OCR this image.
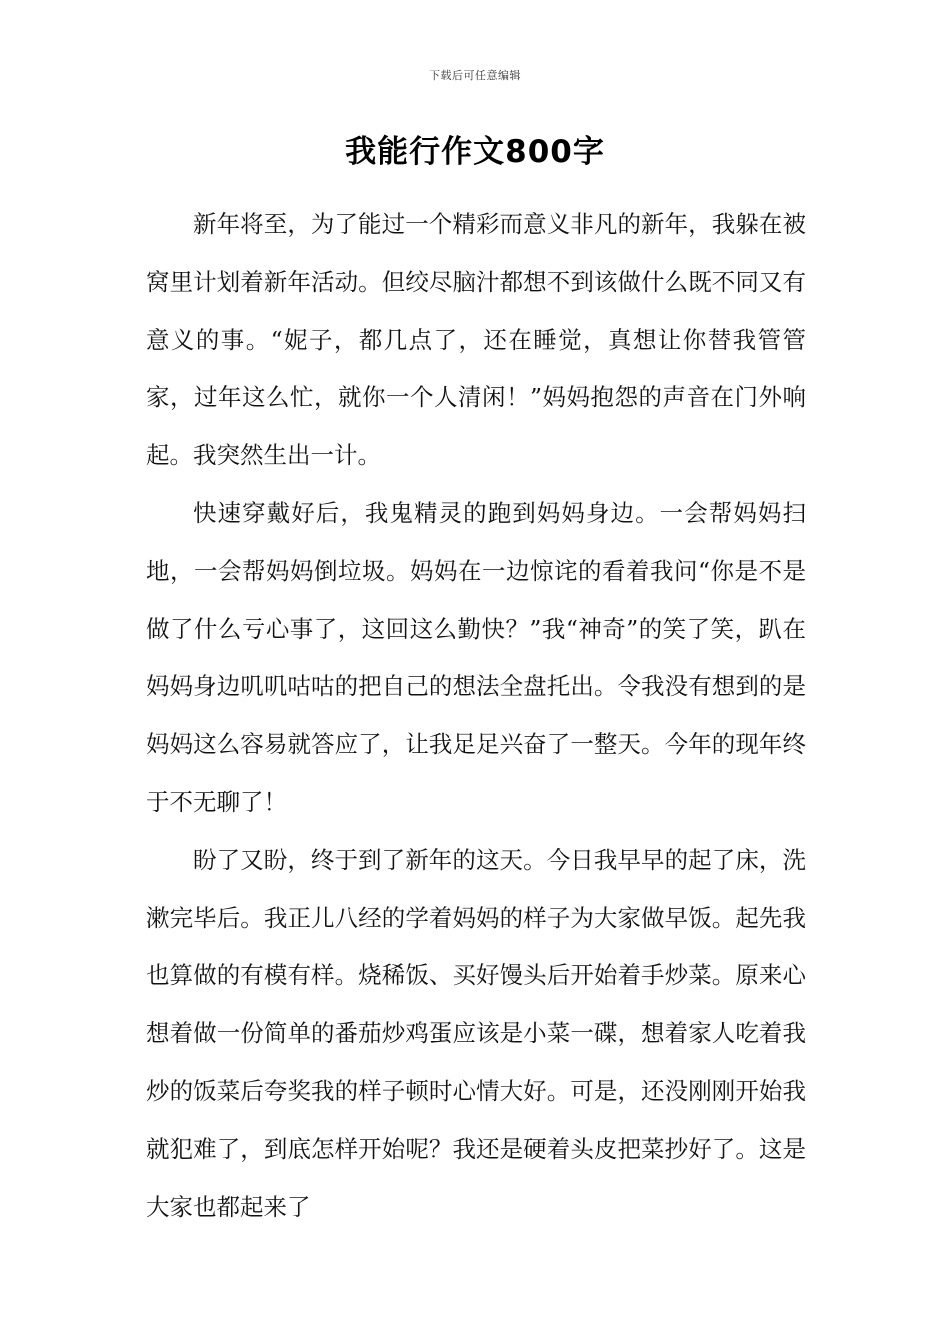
下载后可任意编辑
我能行作文800字

新年将至，为了能过一个精彩而意义非凡的新年，我躲在被窝里计划着新年活动。但绞尽脑汁都想不到该做什么既不同又有意义的事。“妮子，都几点了，还在睡觉，真想让你替我管管家，过年这么忙，就你一个人清闲！”妈妈抱怨的声音在门外响起。我突然生出一计。

快速穿戴好后，我鬼精灵的跑到妈妈身边。一会帮妈妈扫地，一会帮妈妈倒垃圾。妈妈在一边惊诧的看着我问“你是不是做了什么亏心事了，这回这么勤快？”我“神奇”的笑了笑，趴在妈妈身边叽叽咕咕的把自己的想法全盘托出。令我没有想到的是妈妈这么容易就答应了，让我足足兴奋了一整天。今年的现年终于不无聊了！

盼了又盼，终于到了新年的这天。今日我早早的起了床，洗漱完毕后。我正儿八经的学着妈妈的样子为大家做早饭。起先我也算做的有模有样。烧稀饭、买好馒头后开始着手炒菜。原来心想着做一份简单的番茄炒鸡蛋应该是小菜一碟，想着家人吃着我炒的饭菜后夸奖我的样子顿时心情大好。可是，还没刚刚开始我就犯难了，到底怎样开始呢？我还是硬着头皮把菜抄好了。这是大家也都起来了
